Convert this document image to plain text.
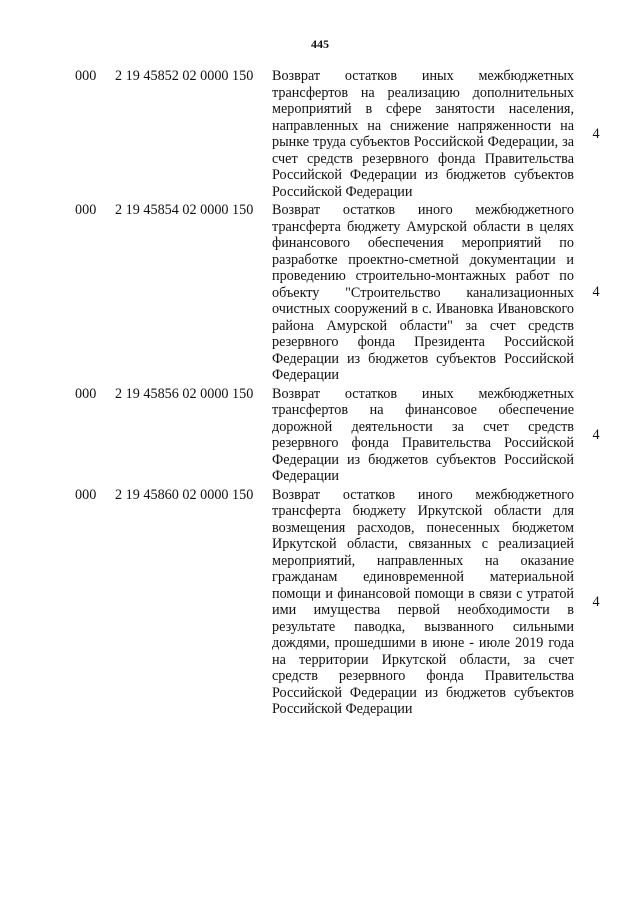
445
000 2 19 45852 02 0000 150 Возврат остатков иных межбюджетных трансфертов на реализацию дополнительных мероприятий в сфере занятости населения, направленных на снижение напряженности на рынке труда субъектов Российской Федерации, за счет средств резервного фонда Правительства Российской Федерации из бюджетов субъектов Российской Федерации
4
000 2 19 45854 02 0000 150 Возврат остатков иного межбюджетного трансферта бюджету Амурской области в целях финансового обеспечения мероприятий по разработке проектно-сметной документации и проведению строительно-монтажных работ по объекту "Строительство канализационных очистных сооружений в с. Ивановка Ивановского района Амурской области" за счет средств резервного фонда Президента Российской Федерации из бюджетов субъектов Российской Федерации
4
000 2 19 45856 02 0000 150 Возврат остатков иных межбюджетных трансфертов на финансовое обеспечение дорожной деятельности за счет средств резервного фонда Правительства Российской Федерации из бюджетов субъектов Российской Федерации
4
000 2 19 45860 02 0000 150 Возврат остатков иного межбюджетного трансферта бюджету Иркутской области для возмещения расходов, понесенных бюджетом Иркутской области, связанных с реализацией мероприятий, направленных на оказание гражданам единовременной материальной помощи и финансовой помощи в связи с утратой ими имущества первой необходимости в результате паводка, вызванного сильными дождями, прошедшими в июне - июле 2019 года на территории Иркутской области, за счет средств резервного фонда Правительства Российской Федерации из бюджетов субъектов Российской Федерации
4
